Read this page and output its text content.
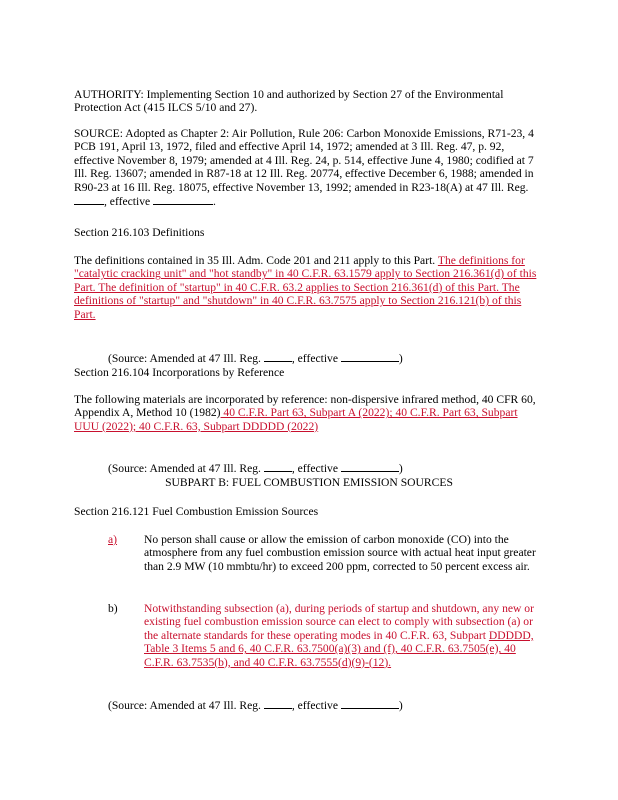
AUTHORITY: Implementing Section 10 and authorized by Section 27 of the Environmental Protection Act (415 ILCS 5/10 and 27).

SOURCE: Adopted as Chapter 2: Air Pollution, Rule 206: Carbon Monoxide Emissions, R71-23, 4 PCB 191, April 13, 1972, filed and effective April 14, 1972; amended at 3 Ill. Reg. 47, p. 92, effective November 8, 1979; amended at 4 Ill. Reg. 24, p. 514, effective June 4, 1980; codified at 7 Ill. Reg. 13607; amended in R87-18 at 12 Ill. Reg. 20774, effective December 6, 1988; amended in R90-23 at 16 Ill. Reg. 18075, effective November 13, 1992; amended in R23-18(A) at 47 Ill. Reg. , effective	.

Section 216.103 Definitions

The definitions contained in 35 Ill. Adm. Code 201 and 211 apply to this Part. The definitions for "catalytic cracking unit" and "hot standby" in 40 C.F.R. 63.1579 apply to Section 216.361(d) of this Part. The definition of "startup" in 40 C.F.R. 63.2 applies to Section 216.361(d) of this Part. The definitions of "startup" and "shutdown" in 40 C.F.R. 63.7575 apply to Section 216.121(b) of this Part.

(Source: Amended at 47 Ill. Reg.	, effective	)

Section 216.104 Incorporations by Reference

The following materials are incorporated by reference: non-dispersive infrared method, 40 CFR 60, Appendix A, Method 10 (1982) 40 C.F.R. Part 63, Subpart A (2022); 40 C.F.R. Part 63, Subpart UUU (2022); 40 C.F.R. 63, Subpart DDDDD (2022)

(Source: Amended at 47 Ill. Reg.	, effective	)

SUBPART B: FUEL COMBUSTION EMISSION SOURCES

Section 216.121 Fuel Combustion Emission Sources

a)	No person shall cause or allow the emission of carbon monoxide (CO) into the atmosphere from any fuel combustion emission source with actual heat input greater than 2.9 MW (10 mmbtu/hr) to exceed 200 ppm, corrected to 50 percent excess air.

b)	Notwithstanding subsection (a), during periods of startup and shutdown, any new or existing fuel combustion emission source can elect to comply with subsection (a) or the alternate standards for these operating modes in 40 C.F.R. 63, Subpart DDDDD, Table 3 Items 5 and 6, 40 C.F.R. 63.7500(a)(3) and (f), 40 C.F.R. 63.7505(e), 40 C.F.R. 63.7535(b), and 40 C.F.R. 63.7555(d)(9)-(12).

(Source: Amended at 47 Ill. Reg.	, effective	)
